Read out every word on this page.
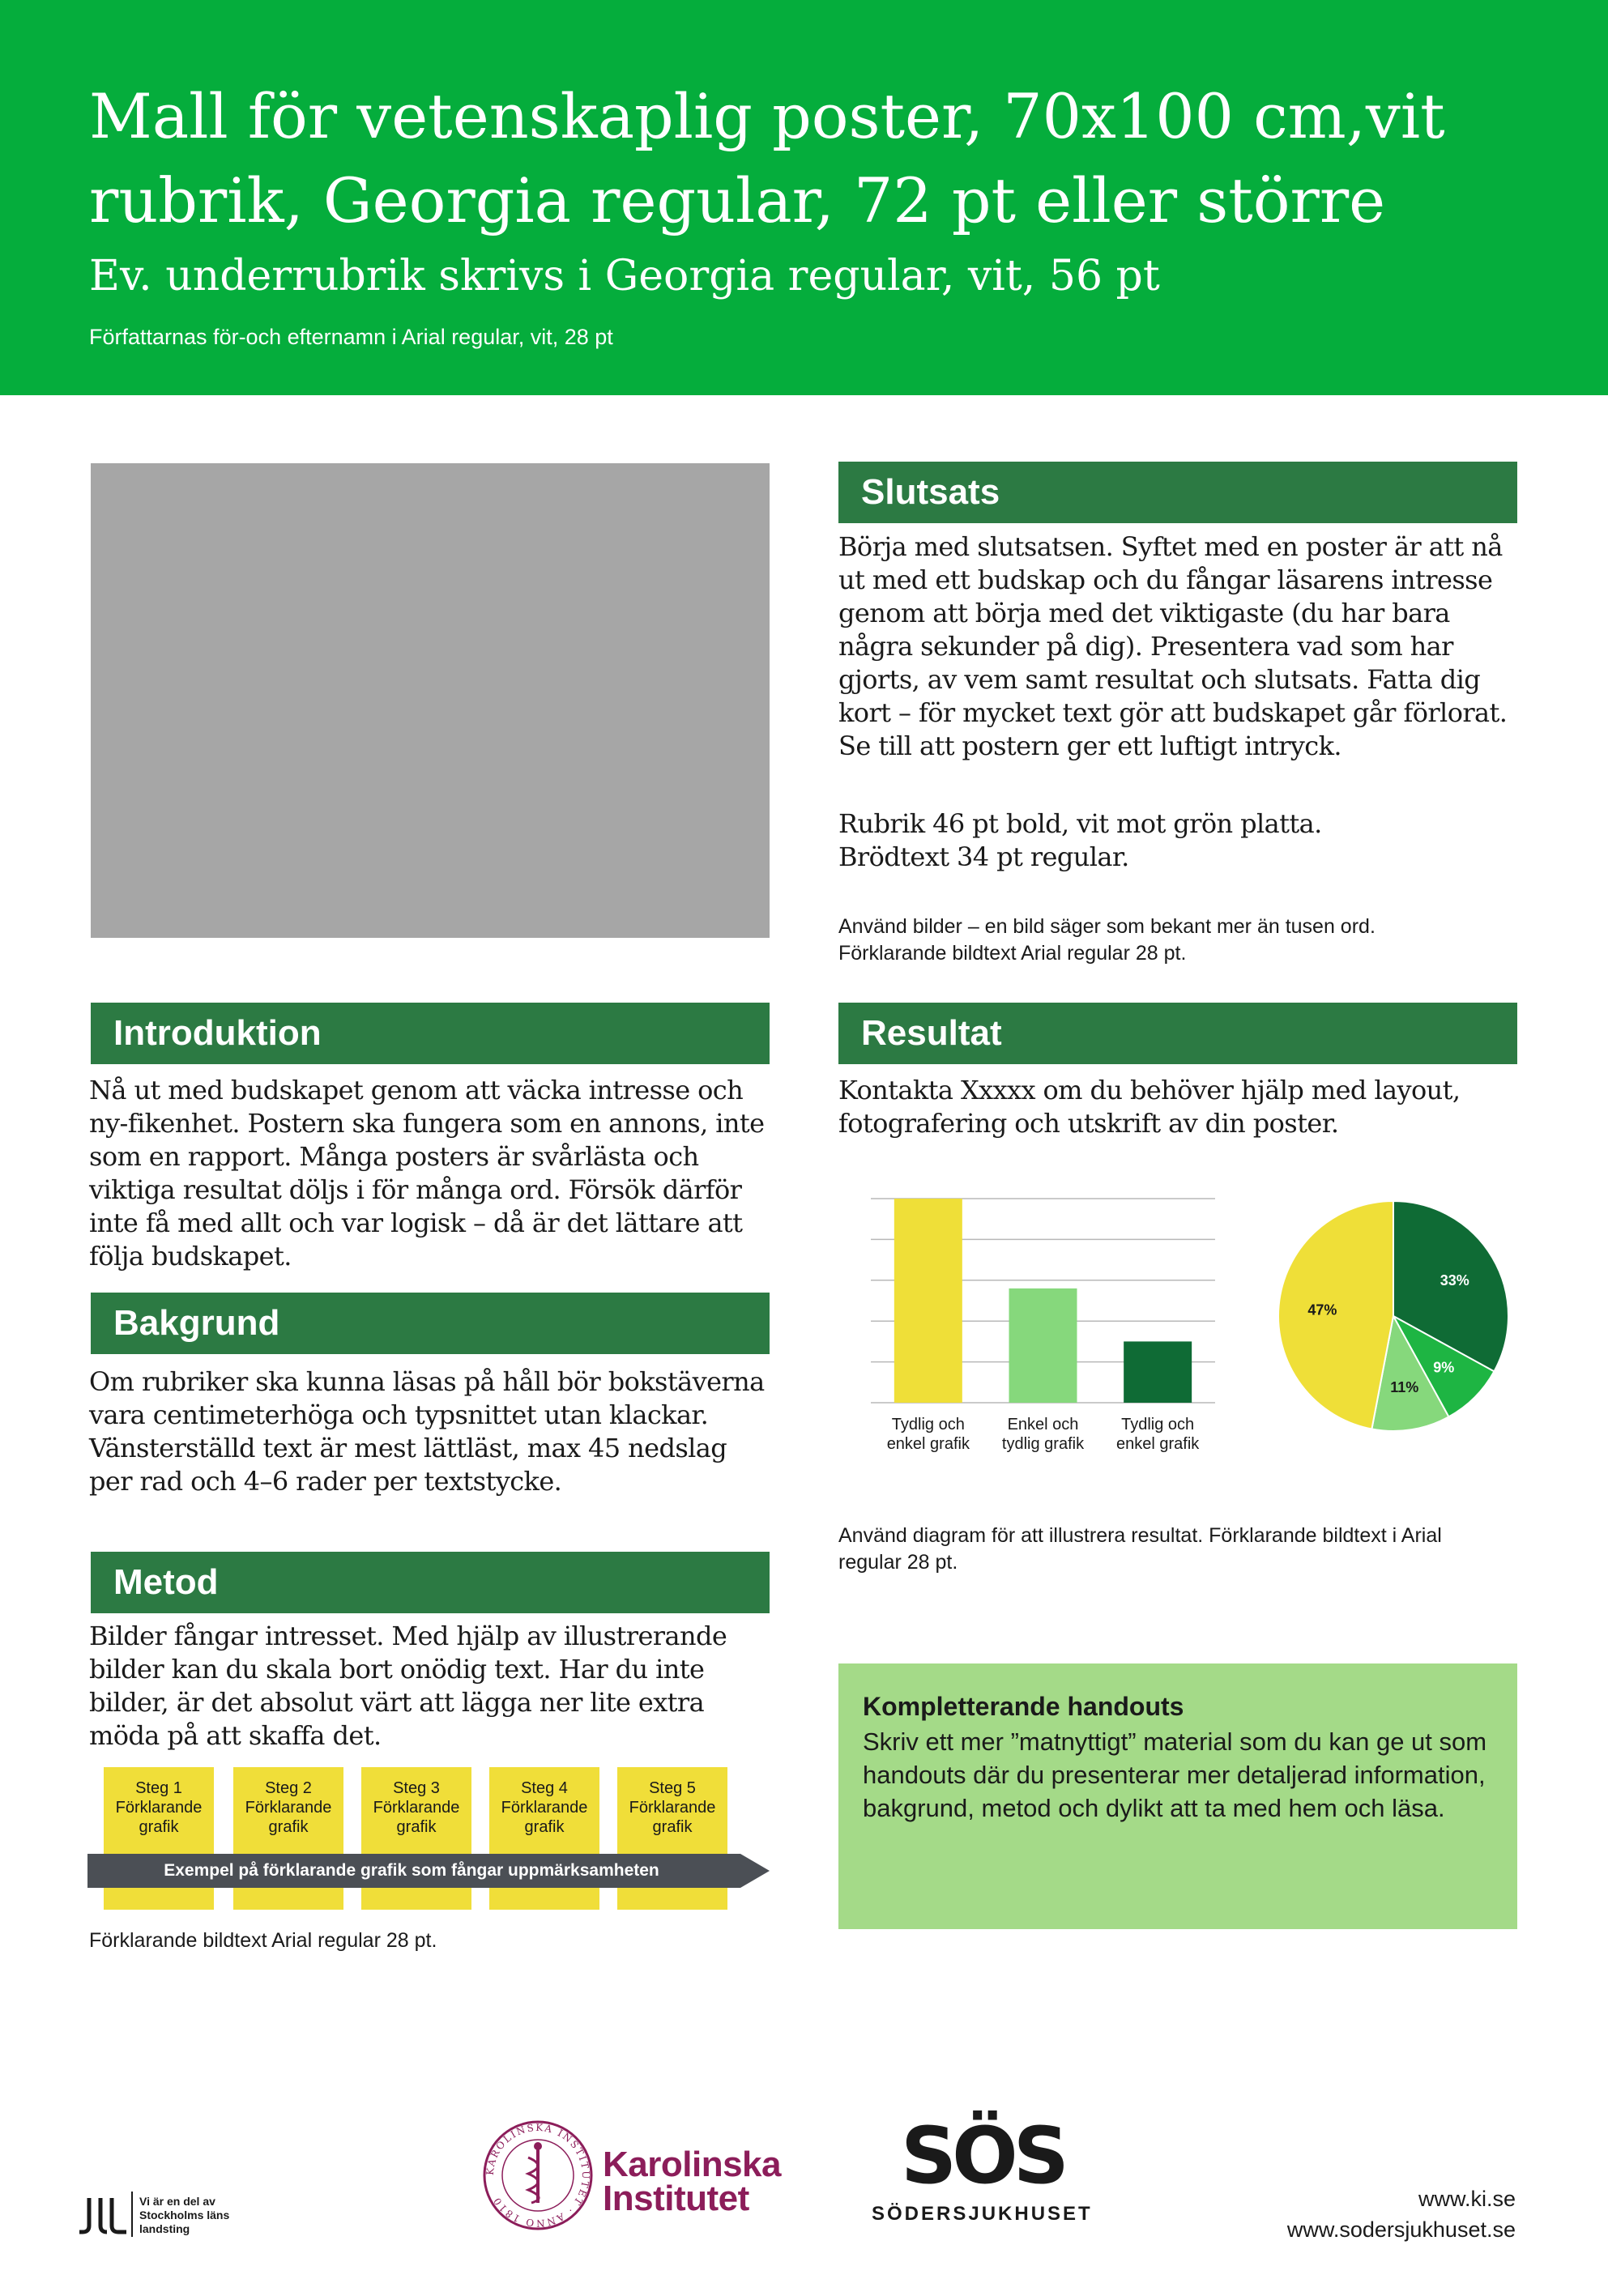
Mall för vetenskaplig poster, 70x100 cm,vit rubrik, Georgia regular, 72 pt eller större
Ev. underrubrik skrivs i Georgia regular, vit, 56 pt
Författarnas för-och efternamn i Arial regular, vit, 28 pt
Slutsats
Börja med slutsatsen. Syftet med en poster är att nå ut med ett budskap och du fångar läsarens intresse genom att börja med det viktigaste (du har bara några sekunder på dig). Presentera vad som har gjorts, av vem samt resultat och slutsats. Fatta dig kort – för mycket text gör att budskapet går förlorat. Se till att postern ger ett luftigt intryck.
Rubrik 46 pt bold, vit mot grön platta.
Brödtext 34 pt regular.
Använd bilder – en bild säger som bekant mer än tusen ord.
Förklarande bildtext Arial regular 28 pt.
Introduktion
Nå ut med budskapet genom att väcka intresse och ny-fikenhet. Postern ska fungera som en annons, inte som en rapport. Många posters är svårlästa och viktiga resultat döljs i för många ord. Försök därför inte få med allt och var logisk – då är det lättare att följa budskapet.
Bakgrund
Om rubriker ska kunna läsas på håll bör bokstäverna vara centimeterhöga och typsnittet utan klackar. Vänsterställd text är mest lättläst, max 45 nedslag per rad och 4–6 rader per textstycke.
Metod
Bilder fångar intresset. Med hjälp av illustrerande bilder kan du skala bort onödig text. Har du inte bilder, är det absolut värt att lägga ner lite extra möda på att skaffa det.
Steg 1
Förklarande
grafik
Steg 2
Förklarande
grafik
Steg 3
Förklarande
grafik
Steg 4
Förklarande
grafik
Steg 5
Förklarande
grafik
Exempel på förklarande grafik som fångar uppmärksamheten
Förklarande bildtext Arial regular 28 pt.
Resultat
Kontakta Xxxxx om du behöver hjälp med layout, fotografering och utskrift av din poster.
Tydlig och
enkel grafik
Enkel och
tydlig grafik
Tydlig och
enkel grafik
33%
9%
11%
47%
Använd diagram för att illustrera resultat. Förklarande bildtext i Arial regular 28 pt.
Kompletterande handouts
Skriv ett mer ”matnyttigt” material som du kan ge ut som handouts där du presenterar mer detaljerad information, bakgrund, metod och dylikt att ta med hem och läsa.
Vi är en del av Stockholms läns landsting
KAROLINSKA INSTITUTET · ANNO 1810
Karolinska
Institutet	SÖS
SÖDERSJUKHUSET
www.ki.se
www.sodersjukhuset.se
